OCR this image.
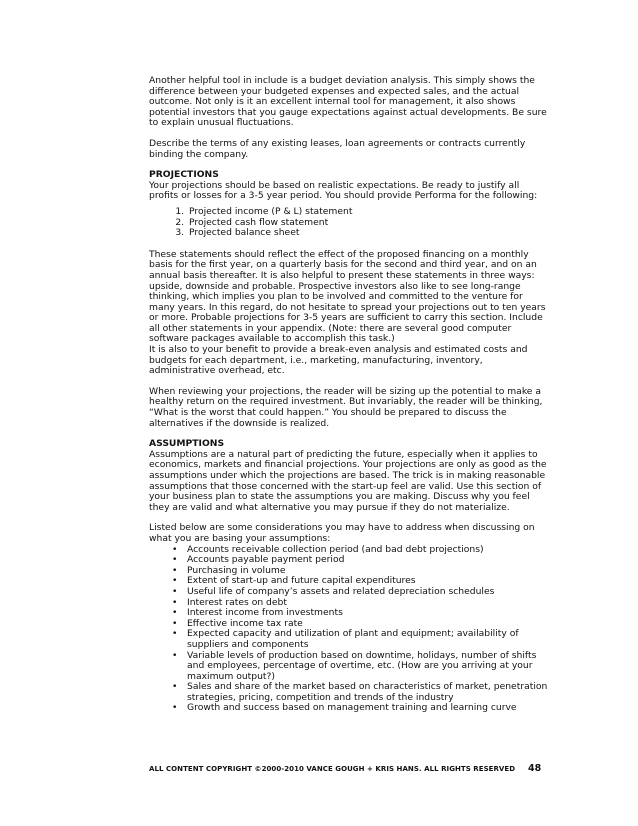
Another helpful tool in include is a budget deviation analysis. This simply shows the difference between your budgeted expenses and expected sales, and the actual outcome. Not only is it an excellent internal tool for management, it also shows potential investors that you gauge expectations against actual developments. Be sure to explain unusual fluctuations.

Describe the terms of any existing leases, loan agreements or contracts currently binding the company.

PROJECTIONS
Your projections should be based on realistic expectations. Be ready to justify all profits or losses for a 3-5 year period. You should provide Performa for the following:
1. Projected income (P & L) statement
2. Projected cash flow statement
3. Projected balance sheet
These statements should reflect the effect of the proposed financing on a monthly basis for the first year, on a quarterly basis for the second and third year, and on an annual basis thereafter. It is also helpful to present these statements in three ways: upside, downside and probable. Prospective investors also like to see long-range thinking, which implies you plan to be involved and committed to the venture for many years. In this regard, do not hesitate to spread your projections out to ten years or more. Probable projections for 3-5 years are sufficient to carry this section. Include all other statements in your appendix. (Note: there are several good computer software packages available to accomplish this task.)

It is also to your benefit to provide a break-even analysis and estimated costs and budgets for each department, i.e., marketing, manufacturing, inventory, administrative overhead, etc.

When reviewing your projections, the reader will be sizing up the potential to make a healthy return on the required investment. But invariably, the reader will be thinking, “What is the worst that could happen.” You should be prepared to discuss the alternatives if the downside is realized.

ASSUMPTIONS

Assumptions are a natural part of predicting the future, especially when it applies to economics, markets and financial projections. Your projections are only as good as the assumptions under which the projections are based. The trick is in making reasonable assumptions that those concerned with the start-up feel are valid. Use this section of your business plan to state the assumptions you are making. Discuss why you feel they are valid and what alternative you may pursue if they do not materialize.

Listed below are some considerations you may have to address when discussing on what you are basing your assumptions:
• Accounts receivable collection period (and bad debt projections)
• Accounts payable payment period
• Purchasing in volume
• Extent of start-up and future capital expenditures
• Useful life of company’s assets and related depreciation schedules
• Interest rates on debt
• Interest income from investments
• Effective income tax rate
• Expected capacity and utilization of plant and equipment; availability of suppliers and components
• Variable levels of production based on downtime, holidays, number of shifts and employees, percentage of overtime, etc. (How are you arriving at your maximum output?)
• Sales and share of the market based on characteristics of market, penetration strategies, pricing, competition and trends of the industry
• Growth and success based on management training and learning curve
ALL CONTENT COPYRIGHT ©2000-2010 VANCE GOUGH + KRIS HANS. ALL RIGHTS RESERVED	48
